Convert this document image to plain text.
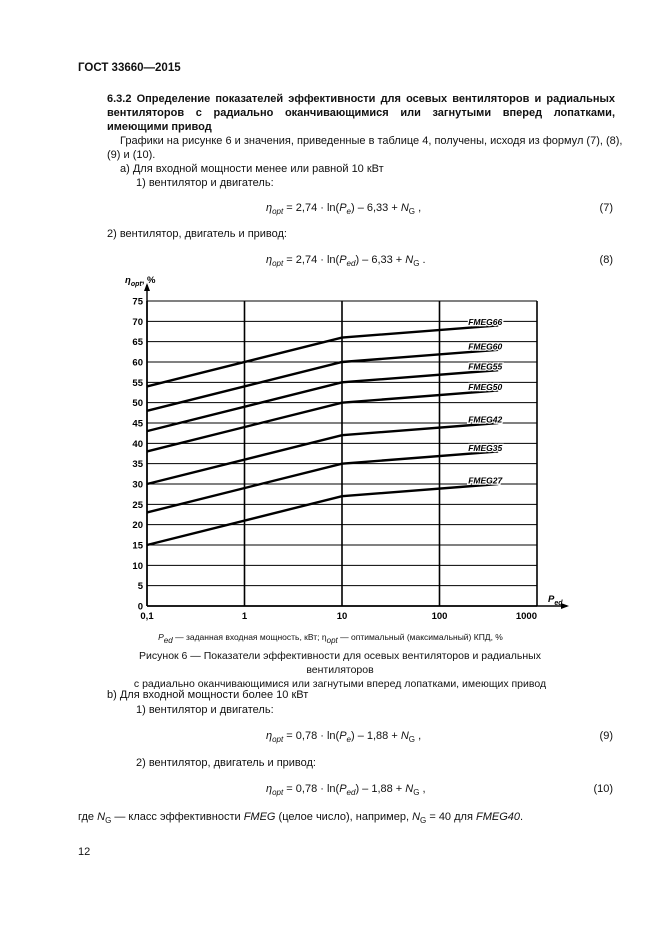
ГОСТ 33660—2015
6.3.2 Определение показателей эффективности для осевых вентиляторов и радиальных вентиляторов с радиально оканчивающимися или загнутыми вперед лопатками, имеющими привод
Графики на рисунке 6 и значения, приведенные в таблице 4, получены, исходя из формул (7), (8),
(9) и (10).
а) Для входной мощности менее или равной 10 кВт
1) вентилятор и двигатель:
$\eta_{opt} = 2,74 \cdot \ln(P_e) - 6,33 + N_G$ ,	(7)
2) вентилятор, двигатель и привод:
$\eta_{opt} = 2,74 \cdot \ln(P_{ed}) - 6,33 + N_G$ .	(8)
0
5
10
15
20
25
30
35
40
45
50
55
60
65
70
75
0,1	1	10	100	1000
$\eta_{opt}$, %
$P_{ed}$
FMEG27
FMEG35
FMEG42
FMEG50
FMEG55
FMEG60
FMEG66
$P_{ed}$ — заданная входная мощность, кВт; $\eta_{opt}$ — оптимальный (максимальный) КПД, %
Рисунок 6 — Показатели эффективности для осевых вентиляторов и радиальных вентиляторов
с радиально оканчивающимися или загнутыми вперед лопатками, имеющих привод
b) Для входной мощности более 10 кВт
1) вентилятор и двигатель:
$\eta_{opt} = 0,78 \cdot \ln(P_e) - 1,88 + N_G$ ,	(9)
2) вентилятор, двигатель и привод:
$\eta_{opt} = 0,78 \cdot \ln(P_{ed}) - 1,88 + N_G$ ,	(10)
где $N_G$ — класс эффективности FMEG (целое число), например, $N_G = 40$ для FMEG40.
12
